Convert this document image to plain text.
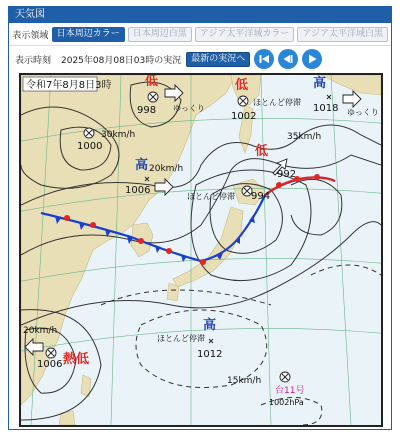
天気図
表示領域 日本周辺カラー	日本周辺白黒	アジア太平洋域カラー	アジア太平洋域白黒
表示時刻	2025年08月08日03時の実況	最新の実況へ
令和7年8月8日3時	低
998 ゆっくり
低
1002
ほとんど停滞
高
1018 ゆっくり
1000
30km/h
高
1006
20km/h
低
992
35km/h
994
ほとんど停滞
高
1012
ほとんど停滞
熱低
1006
20km/h
台11号
1002hPa
15km/h
